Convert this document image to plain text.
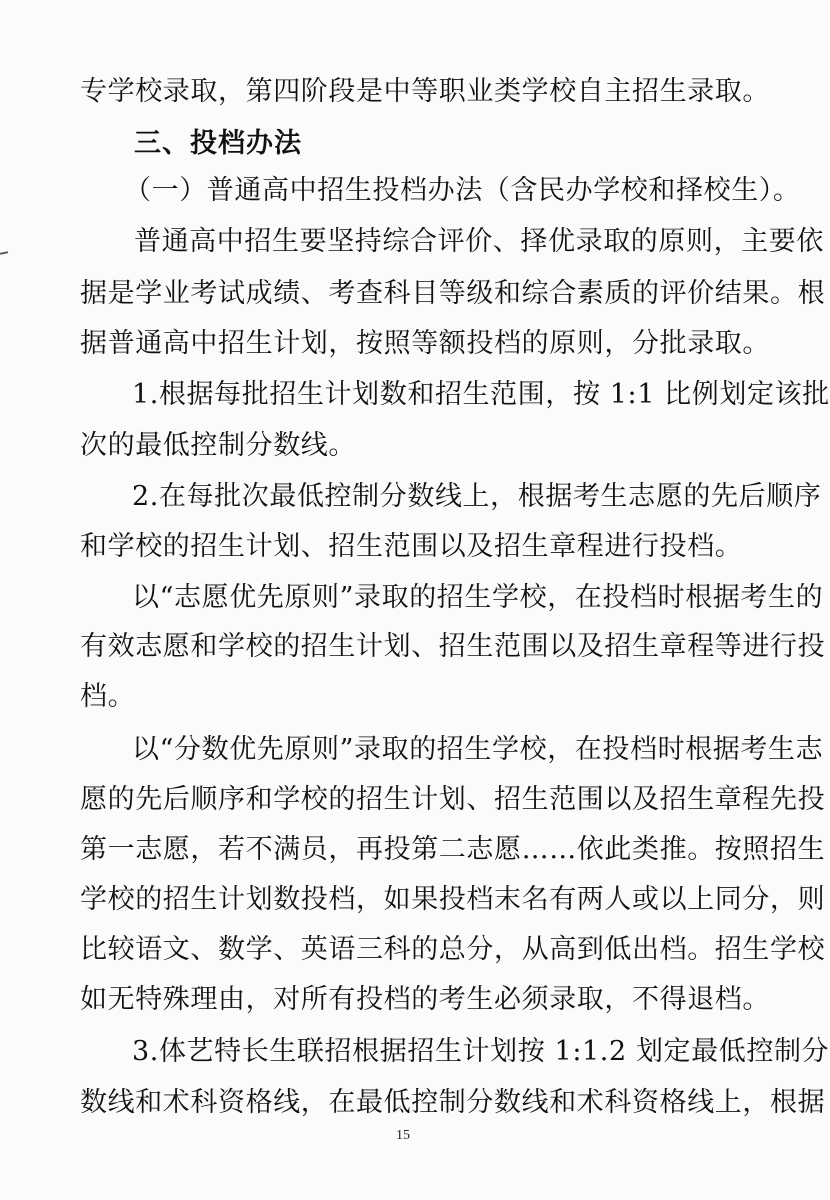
专学校录取，第四阶段是中等职业类学校自主招生录取。
三、投档办法
（一）普通高中招生投档办法（含民办学校和择校生）。
普通高中招生要坚持综合评价、择优录取的原则，主要依
据是学业考试成绩、考查科目等级和综合素质的评价结果。根
据普通高中招生计划，按照等额投档的原则，分批录取。
1.根据每批招生计划数和招生范围，按 1:1 比例划定该批
次的最低控制分数线。
2.在每批次最低控制分数线上，根据考生志愿的先后顺序
和学校的招生计划、招生范围以及招生章程进行投档。
以“志愿优先原则”录取的招生学校，在投档时根据考生的
有效志愿和学校的招生计划、招生范围以及招生章程等进行投
档。
以“分数优先原则”录取的招生学校，在投档时根据考生志
愿的先后顺序和学校的招生计划、招生范围以及招生章程先投
第一志愿，若不满员，再投第二志愿……依此类推。按照招生
学校的招生计划数投档，如果投档末名有两人或以上同分，则
比较语文、数学、英语三科的总分，从高到低出档。招生学校
如无特殊理由，对所有投档的考生必须录取，不得退档。
3.体艺特长生联招根据招生计划按 1:1.2 划定最低控制分
数线和术科资格线，在最低控制分数线和术科资格线上，根据
15
